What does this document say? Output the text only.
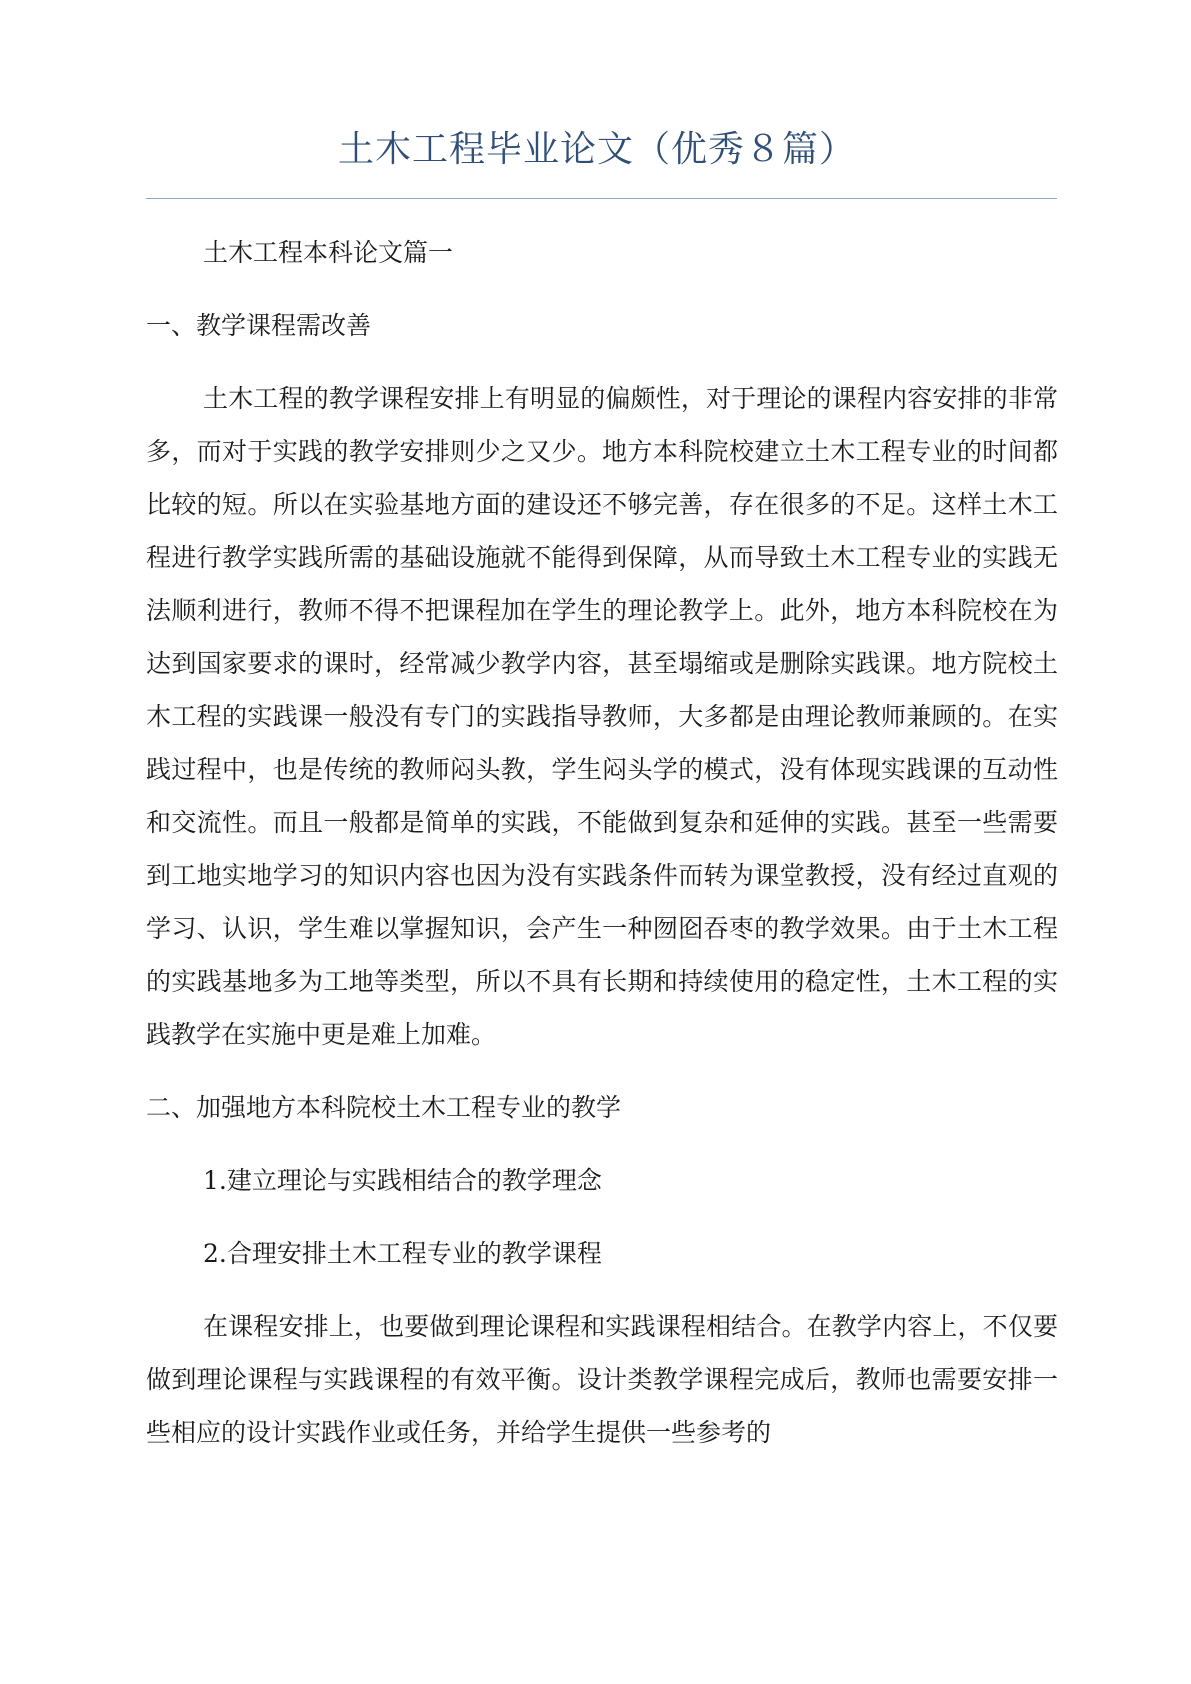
土木工程毕业论文（优秀８篇）

土木工程本科论文篇一

一、教学课程需改善

土木工程的教学课程安排上有明显的偏颇性，对于理论的课程内容安排的非常多，而对于实践的教学安排则少之又少。地方本科院校建立土木工程专业的时间都比较的短。所以在实验基地方面的建设还不够完善，存在很多的不足。这样土木工程进行教学实践所需的基础设施就不能得到保障，从而导致土木工程专业的实践无法顺利进行，教师不得不把课程加在学生的理论教学上。此外，地方本科院校在为达到国家要求的课时，经常减少教学内容，甚至塌缩或是删除实践课。地方院校土木工程的实践课一般没有专门的实践指导教师，大多都是由理论教师兼顾的。在实践过程中，也是传统的教师闷头教，学生闷头学的模式，没有体现实践课的互动性和交流性。而且一般都是简单的实践，不能做到复杂和延伸的实践。甚至一些需要到工地实地学习的知识内容也因为没有实践条件而转为课堂教授，没有经过直观的学习、认识，学生难以掌握知识，会产生一种囫囵吞枣的教学效果。由于土木工程的实践基地多为工地等类型，所以不具有长期和持续使用的稳定性，土木工程的实践教学在实施中更是难上加难。

二、加强地方本科院校土木工程专业的教学

1.建立理论与实践相结合的教学理念

2.合理安排土木工程专业的教学课程

在课程安排上，也要做到理论课程和实践课程相结合。在教学内容上，不仅要做到理论课程与实践课程的有效平衡。设计类教学课程完成后，教师也需要安排一些相应的设计实践作业或任务，并给学生提供一些参考的
